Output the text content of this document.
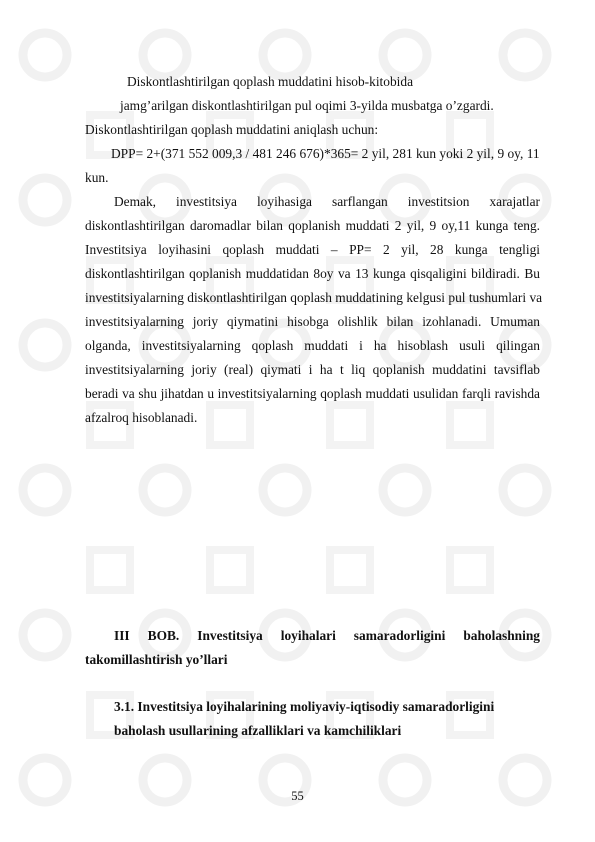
Diskontlashtirilgan qoplash muddatini hisob-kitobida
jamg’arilgan diskontlashtirilgan pul oqimi 3-yilda musbatga o’zgardi.
Diskontlashtirilgan qoplash muddatini aniqlash uchun:
DPP= 2+(371 552 009,3 / 481 246 676)*365= 2 yil, 281 kun yoki 2 yil, 9 oy, 11
kun.
Demak, investitsiya loyihasiga sarflangan investitsion xarajatlar
diskontlashtirilgan daromadlar bilan qoplanish muddati 2 yil, 9 oy,11 kunga teng.
Investitsiya loyihasini qoplash muddati – PP= 2 yil, 28 kunga tengligi
diskontlashtirilgan qoplanish muddatidan 8oy va 13 kunga qisqaligini bildiradi. Bu
investitsiyalarning diskontlashtirilgan qoplash muddatining kelgusi pul tushumlari va
investitsiyalarning joriy qiymatini hisobga olishlik bilan izohlanadi. Umuman
olganda, investitsiyalarning qoplash muddati i ha hisoblash usuli qilingan
investitsiyalarning joriy (real) qiymati i ha t liq qoplanish muddatini tavsiflab
beradi va shu jihatdan u investitsiyalarning qoplash muddati usulidan farqli ravishda
afzalroq hisoblanadi.
III BOB. Investitsiya loyihalari samaradorligini baholashning
takomillashtirish yo’llari
3.1. Investitsiya loyihalarining moliyaviy-iqtisodiy samaradorligini
baholash usullarining afzalliklari va kamchiliklari
55
